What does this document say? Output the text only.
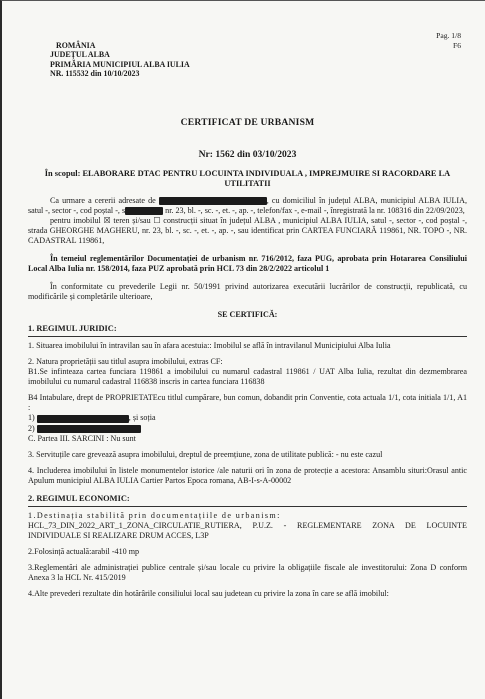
Pag. 1/8
F6
ROMÂNIA
JUDEȚUL ALBA
PRIMĂRIA MUNICIPIUL ALBA IULIA
NR. 115532 din 10/10/2023
CERTIFICAT DE URBANISM
Nr: 1562 din 03/10/2023
În scopul: ELABORARE DTAC PENTRU LOCUINTA INDIVIDUALA , IMPREJMUIRE SI RACORDARE LA UTILITATII

Ca urmare a cererii adresate de	, cu domiciliul în județul ALBA, municipiul ALBA IULIA, satul -, sector -, cod poștal -, s	nr. 23, bl. -, sc. -, et. -, ap. -, telefon/fax -, e-mail -, înregistrată la nr. 108316 din 22/09/2023,

pentru imobilul ☒ teren și/sau ☐ construcții situat în județul ALBA , municipiul ALBA IULIA, satul -, sector -, cod poștal -, strada GHEORGHE MAGHERU, nr. 23, bl. -, sc. -, et. -, ap. -, sau identificat prin CARTEA FUNCIARĂ 119861, NR. TOPO -, NR. CADASTRAL 119861,

În temeiul reglementărilor Documentației de urbanism nr. 716/2012, faza PUG, aprobata prin Hotararea Consiliului Local Alba Iulia nr. 158/2014, faza PUZ aprobată prin HCL 73 din 28/2/2022 articolul 1

În conformitate cu prevederile Legii nr. 50/1991 privind autorizarea executării lucrărilor de construcții, republicată, cu modificările și completările ulterioare,

SE CERTIFICĂ:
1. REGIMUL JURIDIC:

1. Situarea imobilului în intravilan sau în afara acestuia:: Imobilul se află în intravilanul Municipiului Alba Iulia

2. Natura proprietății sau titlul asupra imobilului, extras CF:

B1.Se infinteaza cartea funciara 119861 a imobilului cu numarul cadastral 119861 / UAT Alba Iulia, rezultat din dezmembrarea imobilului cu numarul cadastral 116838 inscris in cartea funciara 116838

B4 Intabulare, drept de PROPRIETATEcu titlul cumpărare, bun comun, dobandit prin Conventie, cota actuala 1/1, cota initiala 1/1, A1 :

1)	, și soția

2)

C. Partea III. SARCINI : Nu sunt

3. Servituțile care grevează asupra imobilului, dreptul de preemțiune, zona de utilitate publică: - nu este cazul

4. Includerea imobilului în listele monumentelor istorice /ale naturii ori în zona de protecție a acestora: Ansamblu situri:Orasul antic Apulum municipiul ALBA IULIA Cartier Partos Epoca romana, AB-I-s-A-00002

2. REGIMUL ECONOMIC:

1.Destinația stabilită prin documentațiile de urbanism:

HCL_73_DIN_2022_ART_1_ZONA_CIRCULATIE_RUTIERA, P.U.Z. - REGLEMENTARE ZONA DE LOCUINTE INDIVIDUALE SI REALIZARE DRUM ACCES, L3P

2.Folosință actuală:arabil -410 mp

3.Reglementări ale administrației publice centrale și/sau locale cu privire la obligațiile fiscale ale investitorului: Zona D conform Anexa 3 la HCL Nr. 415/2019

4.Alte prevederi rezultate din hotărârile consiliului local sau judetean cu privire la zona în care se află imobilul:
